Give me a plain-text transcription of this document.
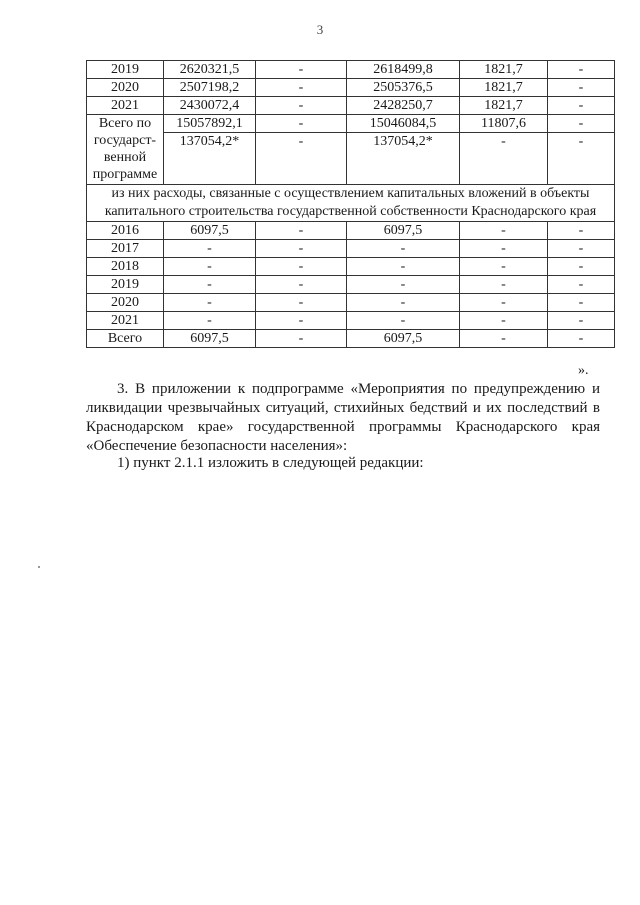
3
2019	2620321,5	-	2618499,8	1821,7	-
2020	2507198,2	-	2505376,5	1821,7	-
2021	2430072,4	-	2428250,7	1821,7	-
Всего по государст-венной программе	15057892,1	-	15046084,5	11807,6	-
	137054,2*	-	137054,2*	-	-
из них расходы, связанные с осуществлением капитальных вложений в объекты капитального строительства государственной собственности Краснодарского края					
2016	6097,5	-	6097,5	-	-
2017	-	-	-	-	-
2018	-	-	-	-	-
2019	-	-	-	-	-
2020	-	-	-	-	-
2021	-	-	-	-	-
Всего	6097,5	-	6097,5	-	-
».
3. В приложении к подпрограмме «Мероприятия по предупреждению и ликвидации чрезвычайных ситуаций, стихийных бедствий и их последствий в Краснодарском крае» государственной программы Краснодарского края «Обеспечение безопасности населения»:
1) пункт 2.1.1 изложить в следующей редакции:
